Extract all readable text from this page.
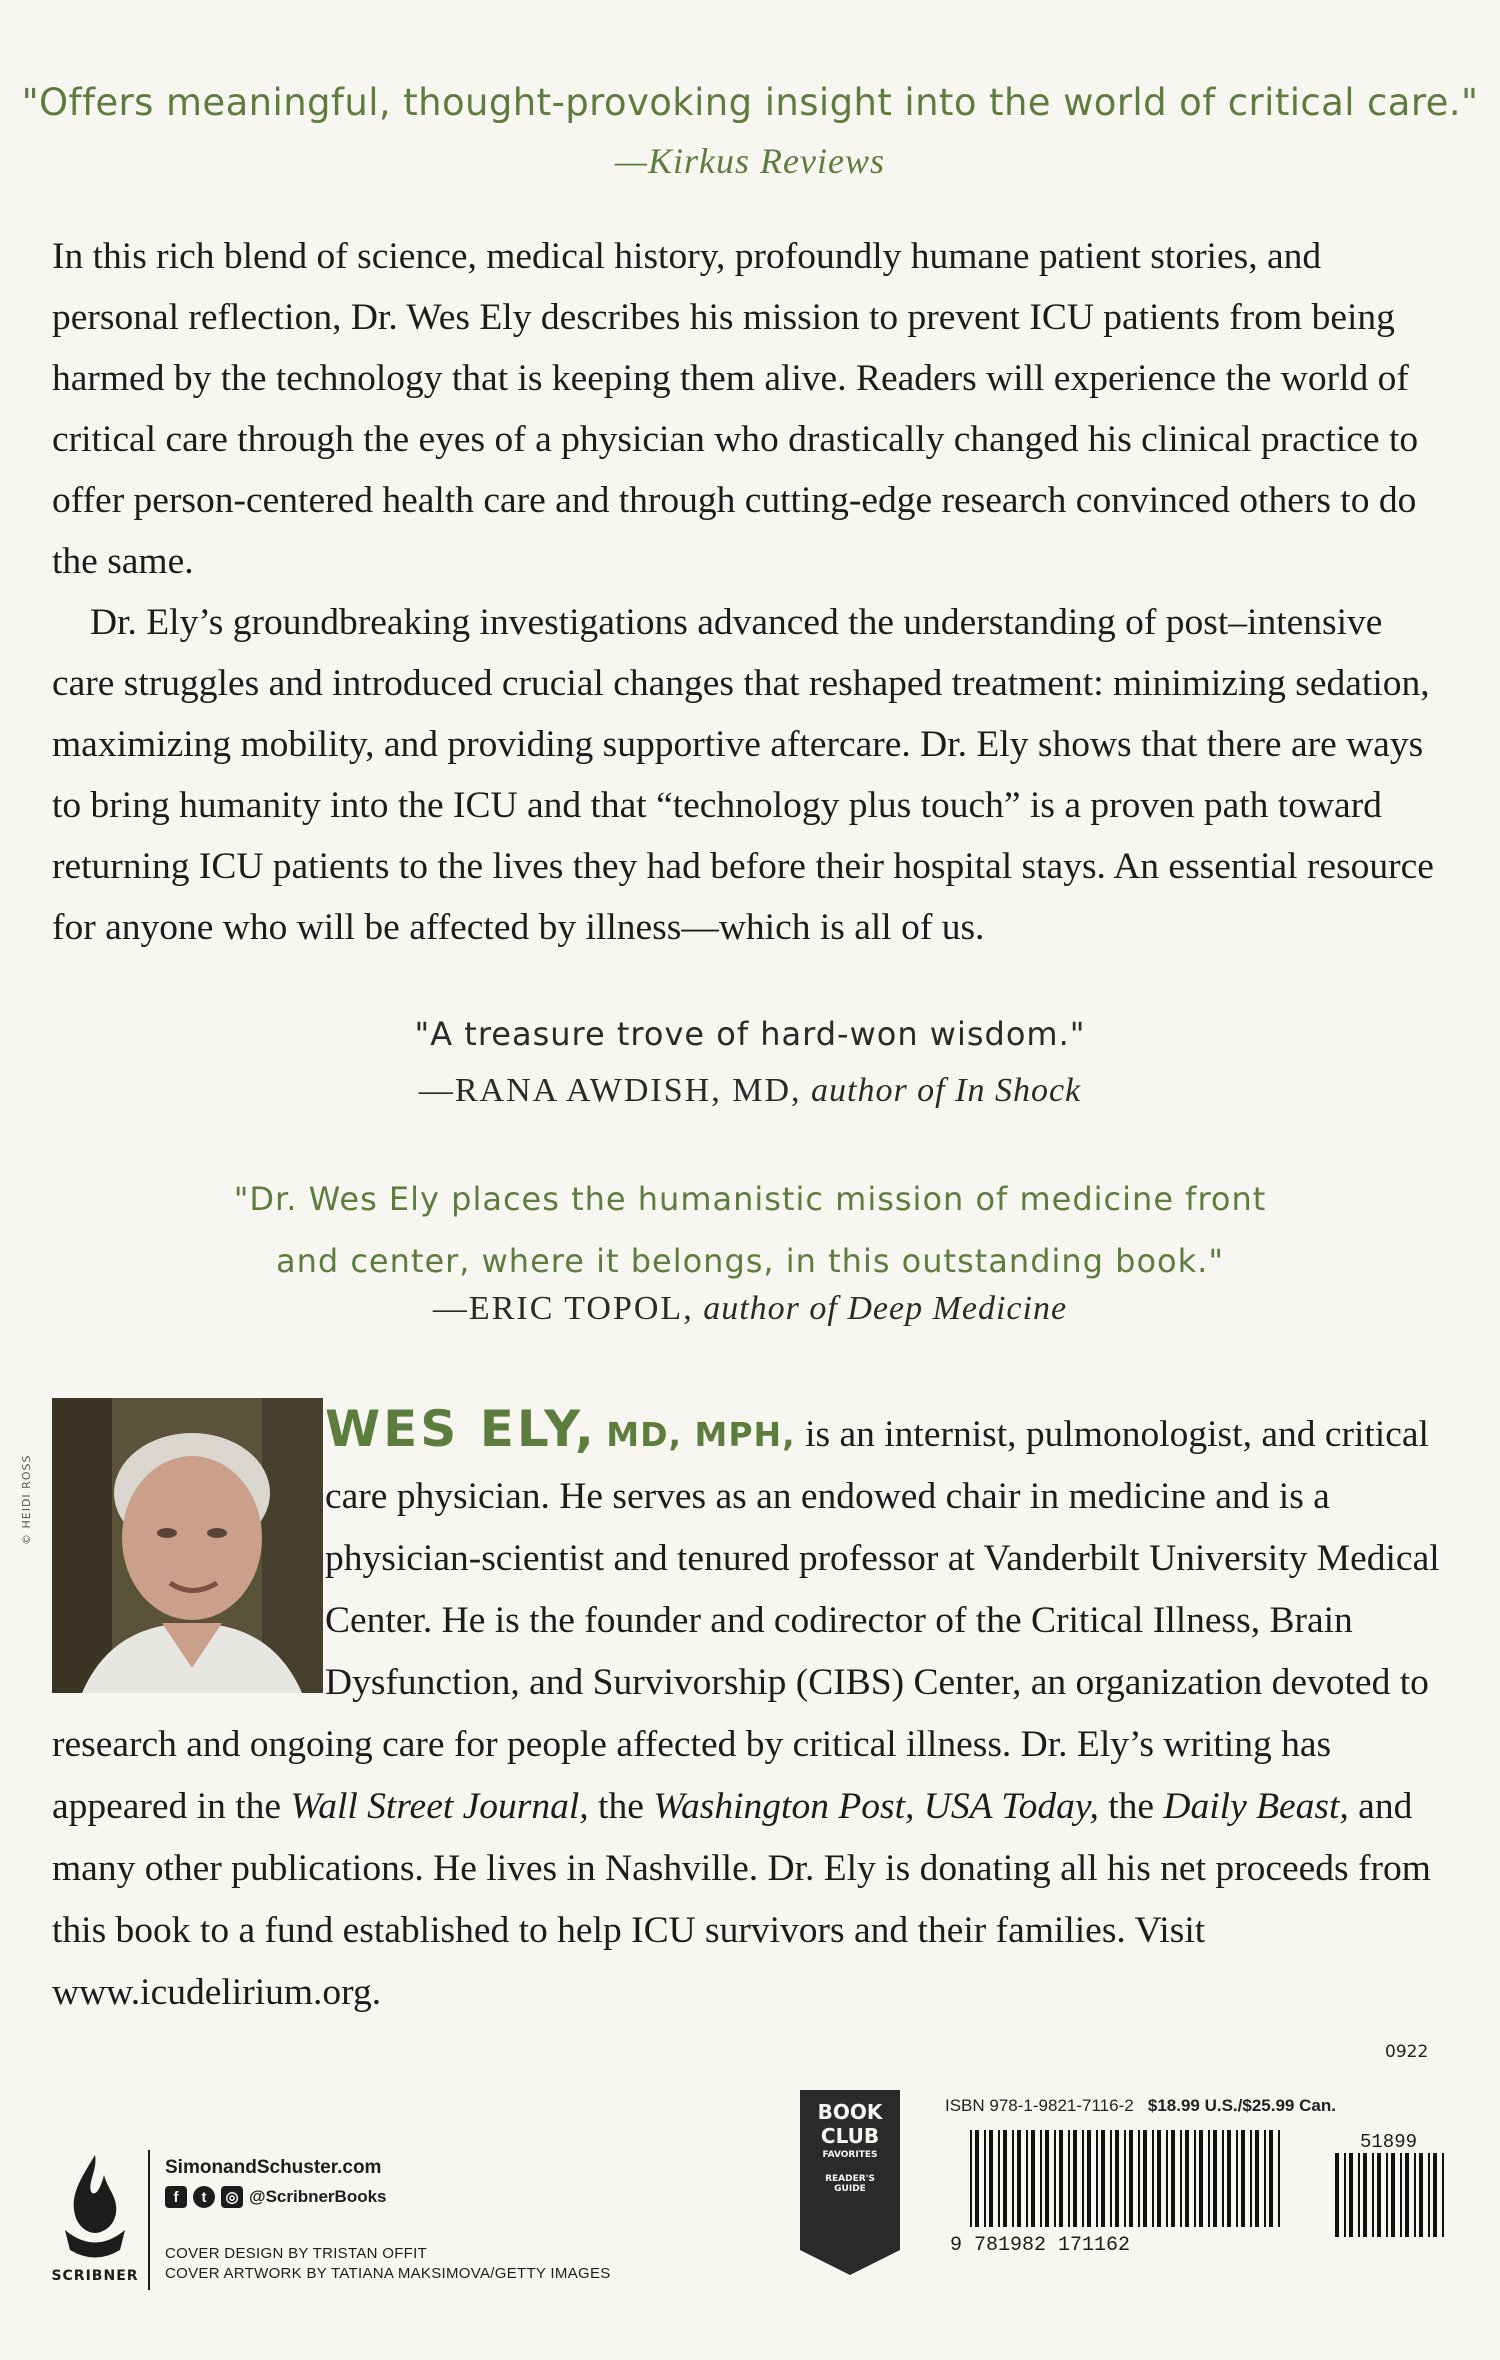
"Offers meaningful, thought-provoking insight into the world of critical care."
—Kirkus Reviews

In this rich blend of science, medical history, profoundly humane patient stories, and personal reflection, Dr. Wes Ely describes his mission to prevent ICU patients from being harmed by the technology that is keeping them alive. Readers will experience the world of critical care through the eyes of a physician who drastically changed his clinical practice to offer person-centered health care and through cutting-edge research convinced others to do the same.

Dr. Ely’s groundbreaking investigations advanced the understanding of post–intensive care struggles and introduced crucial changes that reshaped treatment: minimizing sedation, maximizing mobility, and providing supportive aftercare. Dr. Ely shows that there are ways to bring humanity into the ICU and that “technology plus touch” is a proven path toward returning ICU patients to the lives they had before their hospital stays. An essential resource for anyone who will be affected by illness—which is all of us.

"A treasure trove of hard-won wisdom."
—RANA AWDISH, MD, author of In Shock
"Dr. Wes Ely places the humanistic mission of medicine front
and center, where it belongs, in this outstanding book."
—ERIC TOPOL, author of Deep Medicine
© HEIDI ROSS
WES ELY, MD, MPH, is an internist, pulmonologist, and critical care physician. He serves as an endowed chair in medicine and is a physician-scientist and tenured professor at Vanderbilt University Medical Center. He is the founder and codirector of the Critical Illness, Brain Dysfunction, and Survivorship (CIBS) Center, an organization devoted to research and ongoing care for people affected by critical illness. Dr. Ely’s writing has appeared in the Wall Street Journal, the Washington Post, USA Today, the Daily Beast, and many other publications. He lives in Nashville. Dr. Ely is donating all his net proceeds from this book to a fund established to help ICU survivors and their families. Visit www.icudelirium.org.
0922
SCRIBNER
SimonandSchuster.com
f	t	◎ @ScribnerBooks
COVER DESIGN BY TRISTAN OFFIT
COVER ARTWORK BY TATIANA MAKSIMOVA/GETTY IMAGES
BOOK
CLUB
FAVORITES
READER'S
GUIDE
ISBN 978-1-9821-7116-2 $18.99 U.S./$25.99 Can.
9 781982 171162
51899
